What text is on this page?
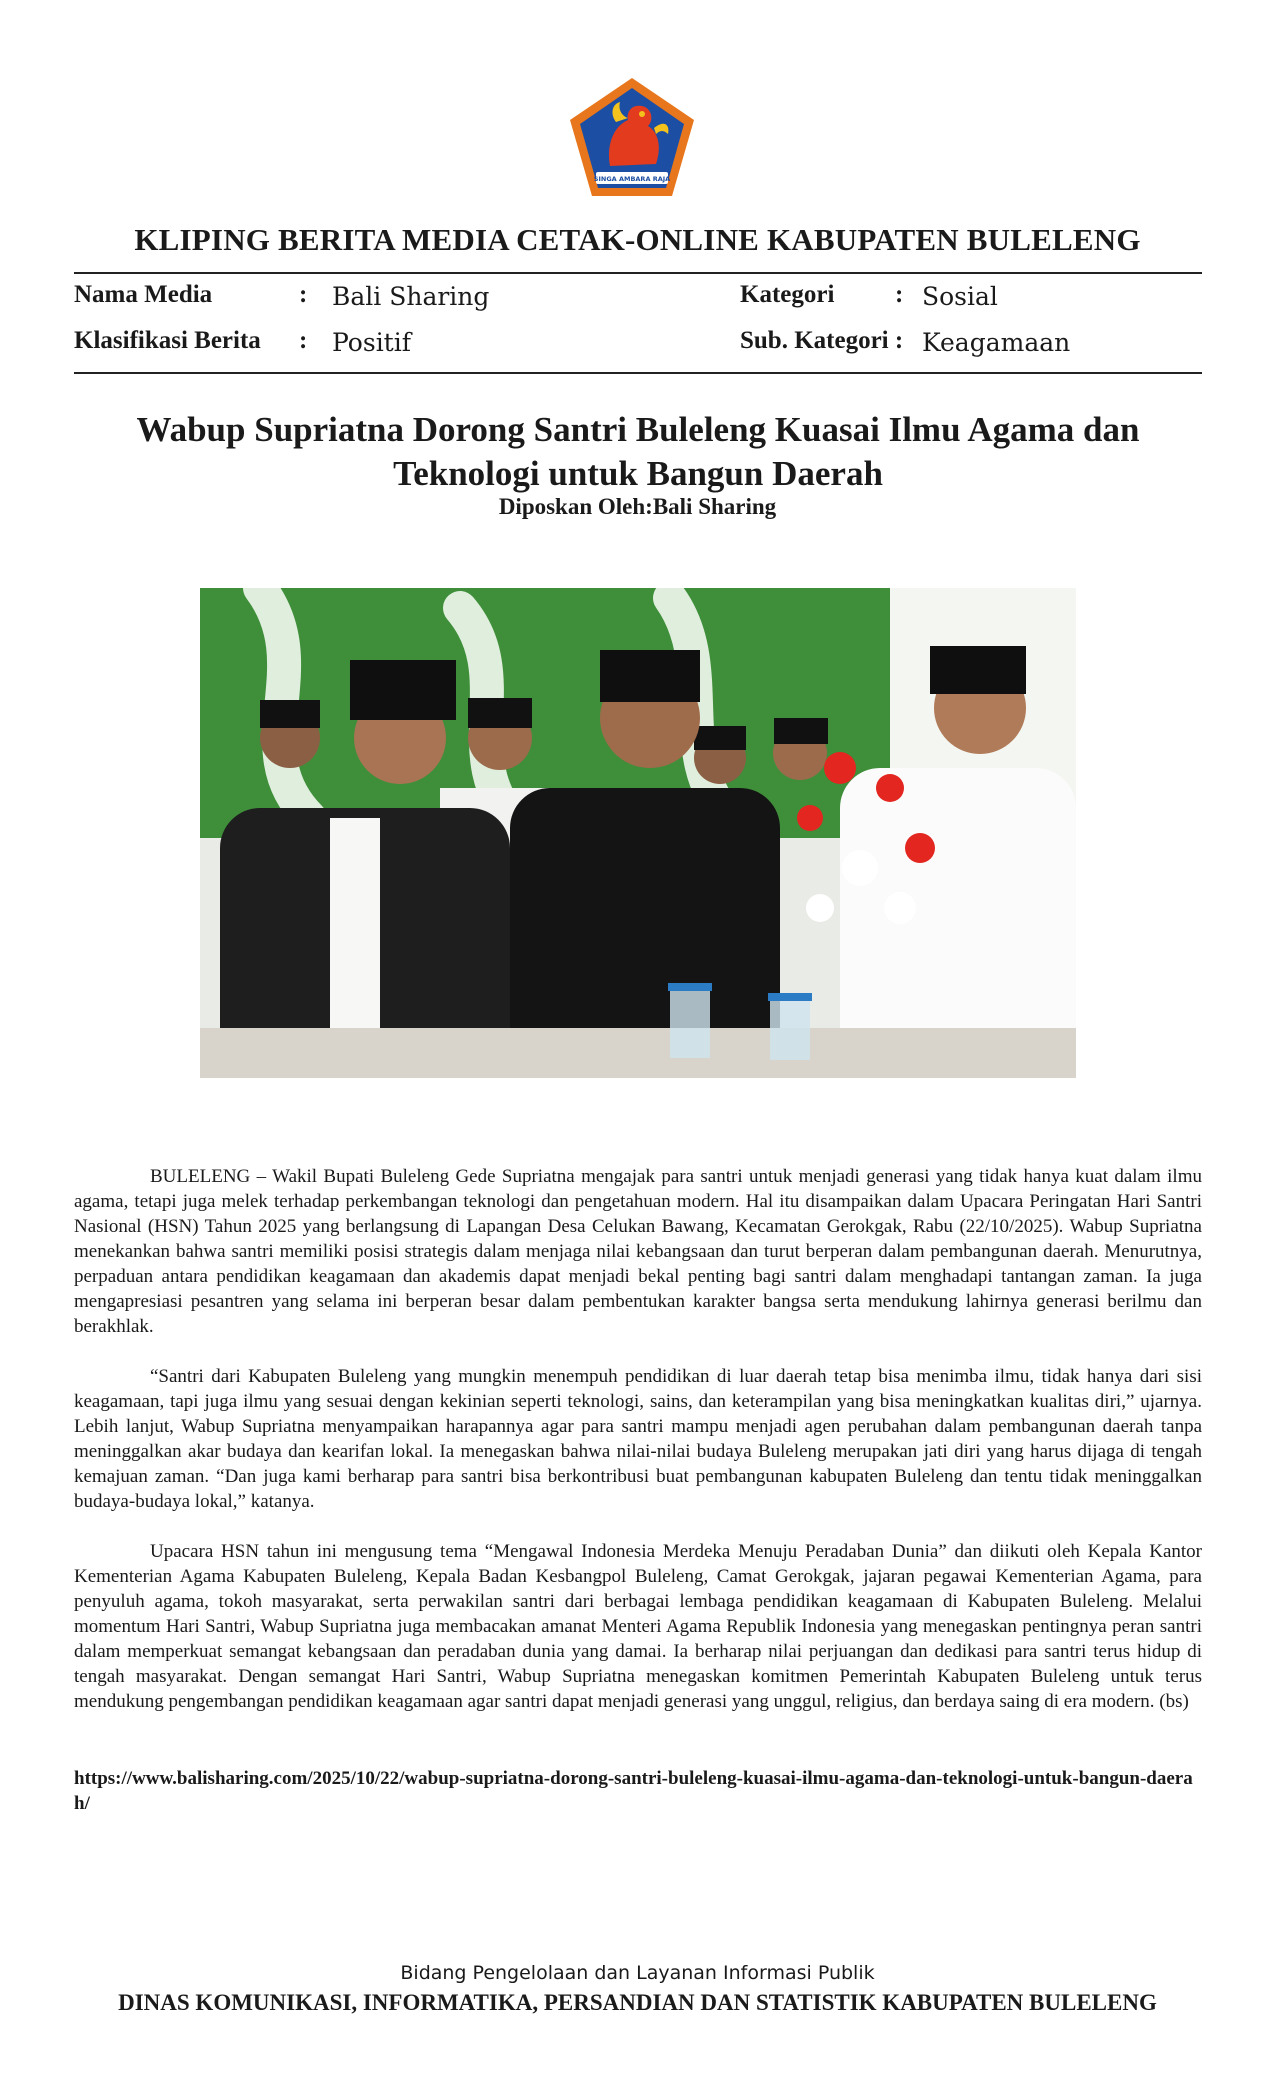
SINGA AMBARA RAJA
KLIPING BERITA MEDIA CETAK-ONLINE KABUPATEN BULELENG
Nama Media	: Bali Sharing	Kategori : Sosial
Klasifikasi Berita : Positif	Sub. Kategori : Keagamaan
Wabup Supriatna Dorong Santri Buleleng Kuasai Ilmu Agama dan Teknologi untuk Bangun Daerah
Diposkan Oleh:Bali Sharing

BULELENG – Wakil Bupati Buleleng Gede Supriatna mengajak para santri untuk menjadi generasi yang tidak hanya kuat dalam ilmu agama, tetapi juga melek terhadap perkembangan teknologi dan pengetahuan modern. Hal itu disampaikan dalam Upacara Peringatan Hari Santri Nasional (HSN) Tahun 2025 yang berlangsung di Lapangan Desa Celukan Bawang, Kecamatan Gerokgak, Rabu (22/10/2025). Wabup Supriatna menekankan bahwa santri memiliki posisi strategis dalam menjaga nilai kebangsaan dan turut berperan dalam pembangunan daerah. Menurutnya, perpaduan antara pendidikan keagamaan dan akademis dapat menjadi bekal penting bagi santri dalam menghadapi tantangan zaman. Ia juga mengapresiasi pesantren yang selama ini berperan besar dalam pembentukan karakter bangsa serta mendukung lahirnya generasi berilmu dan berakhlak.

“Santri dari Kabupaten Buleleng yang mungkin menempuh pendidikan di luar daerah tetap bisa menimba ilmu, tidak hanya dari sisi keagamaan, tapi juga ilmu yang sesuai dengan kekinian seperti teknologi, sains, dan keterampilan yang bisa meningkatkan kualitas diri,” ujarnya. Lebih lanjut, Wabup Supriatna menyampaikan harapannya agar para santri mampu menjadi agen perubahan dalam pembangunan daerah tanpa meninggalkan akar budaya dan kearifan lokal. Ia menegaskan bahwa nilai-nilai budaya Buleleng merupakan jati diri yang harus dijaga di tengah kemajuan zaman. “Dan juga kami berharap para santri bisa berkontribusi buat pembangunan kabupaten Buleleng dan tentu tidak meninggalkan budaya-budaya lokal,” katanya.

Upacara HSN tahun ini mengusung tema “Mengawal Indonesia Merdeka Menuju Peradaban Dunia” dan diikuti oleh Kepala Kantor Kementerian Agama Kabupaten Buleleng, Kepala Badan Kesbangpol Buleleng, Camat Gerokgak, jajaran pegawai Kementerian Agama, para penyuluh agama, tokoh masyarakat, serta perwakilan santri dari berbagai lembaga pendidikan keagamaan di Kabupaten Buleleng. Melalui momentum Hari Santri, Wabup Supriatna juga membacakan amanat Menteri Agama Republik Indonesia yang menegaskan pentingnya peran santri dalam memperkuat semangat kebangsaan dan peradaban dunia yang damai. Ia berharap nilai perjuangan dan dedikasi para santri terus hidup di tengah masyarakat. Dengan semangat Hari Santri, Wabup Supriatna menegaskan komitmen Pemerintah Kabupaten Buleleng untuk terus mendukung pengembangan pendidikan keagamaan agar santri dapat menjadi generasi yang unggul, religius, dan berdaya saing di era modern. (bs)

https://www.balisharing.com/2025/10/22/wabup-supriatna-dorong-santri-buleleng-kuasai-ilmu-agama-dan-teknologi-untuk-bangun-daerah/
Bidang Pengelolaan dan Layanan Informasi Publik
DINAS KOMUNIKASI, INFORMATIKA, PERSANDIAN DAN STATISTIK KABUPATEN BULELENG
